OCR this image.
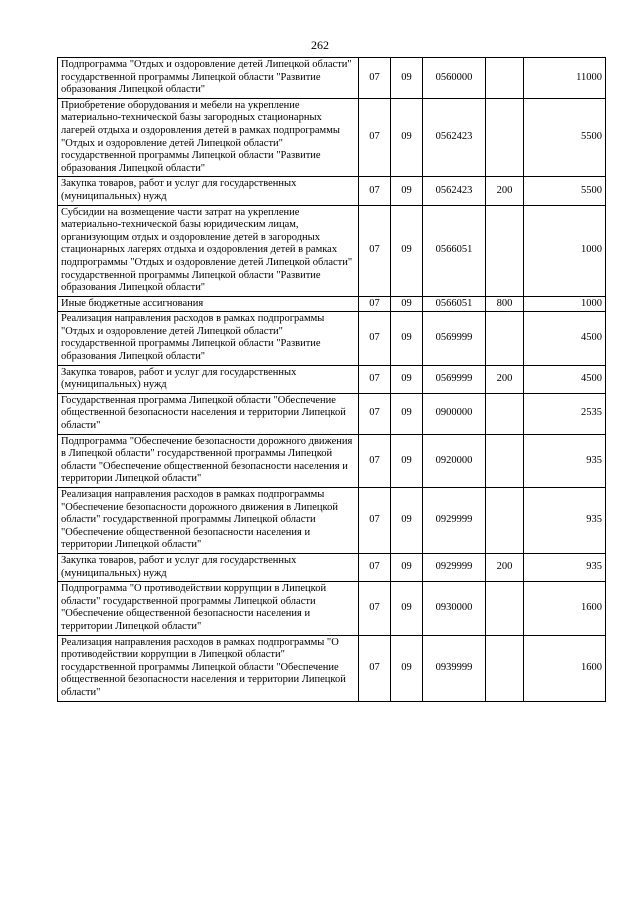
262
Подпрограмма "Отдых и оздоровление детей Липецкой области" государственной программы Липецкой области "Развитие образования Липецкой области"	07	09	0560000		11000
Приобретение оборудования и мебели на укрепление материально-технической базы загородных стационарных лагерей отдыха и оздоровления детей в рамках подпрограммы "Отдых и оздоровление детей Липецкой области" государственной программы Липецкой области "Развитие образования Липецкой области"	07	09	0562423		5500
Закупка товаров, работ и услуг для государственных (муниципальных) нужд	07	09	0562423	200	5500
Субсидии на возмещение части затрат на укрепление материально-технической базы юридическим лицам, организующим отдых и оздоровление детей в загородных стационарных лагерях отдыха и оздоровления детей в рамках подпрограммы "Отдых и оздоровление детей Липецкой области" государственной программы Липецкой области "Развитие образования Липецкой области"	07	09	0566051		1000
Иные бюджетные ассигнования	07	09	0566051	800	1000
Реализация направления расходов в рамках подпрограммы "Отдых и оздоровление детей Липецкой области" государственной программы Липецкой области "Развитие образования Липецкой области"	07	09	0569999		4500
Закупка товаров, работ и услуг для государственных (муниципальных) нужд	07	09	0569999	200	4500
Государственная программа Липецкой области "Обеспечение общественной безопасности населения и территории Липецкой области"	07	09	0900000		2535
Подпрограмма "Обеспечение безопасности дорожного движения в Липецкой области" государственной программы Липецкой области "Обеспечение общественной безопасности населения и территории Липецкой области"	07	09	0920000		935
Реализация направления расходов в рамках подпрограммы "Обеспечение безопасности дорожного движения в Липецкой области" государственной программы Липецкой области "Обеспечение общественной безопасности населения и территории Липецкой области"	07	09	0929999		935
Закупка товаров, работ и услуг для государственных (муниципальных) нужд	07	09	0929999	200	935
Подпрограмма "О противодействии коррупции в Липецкой области" государственной программы Липецкой области "Обеспечение общественной безопасности населения и территории Липецкой области"	07	09	0930000		1600
Реализация направления расходов в рамках подпрограммы "О противодействии коррупции в Липецкой области" государственной программы Липецкой области "Обеспечение общественной безопасности населения и территории Липецкой области"	07	09	0939999		1600
